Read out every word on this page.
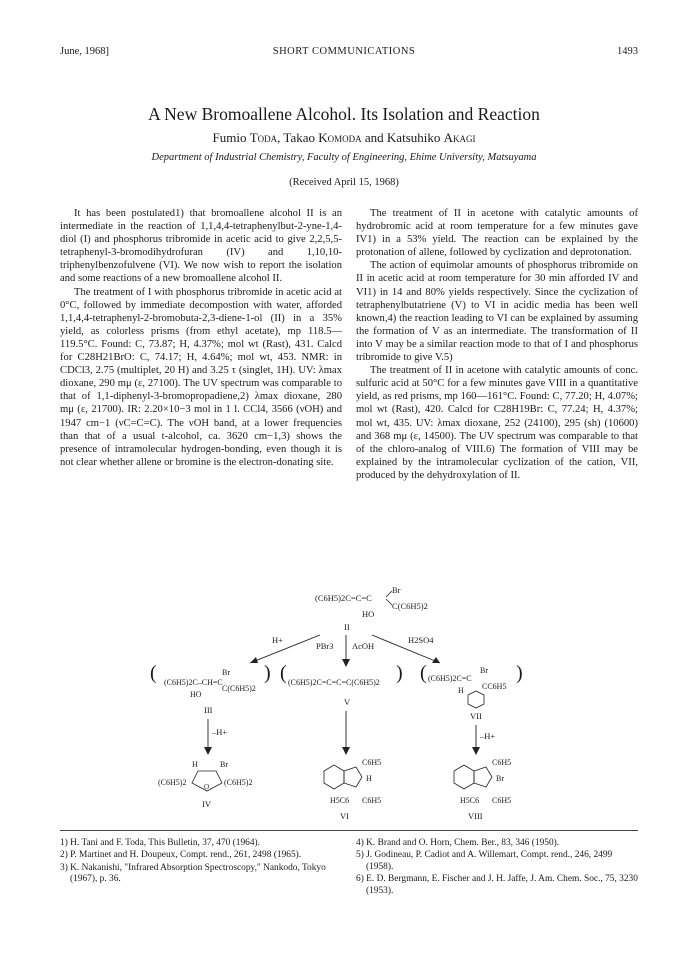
June, 1968]	SHORT COMMUNICATIONS	1493
A New Bromoallene Alcohol. Its Isolation and Reaction
Fumio Toda, Takao Komoda and Katsuhiko Akagi
Department of Industrial Chemistry, Faculty of Engineering, Ehime University, Matsuyama
(Received April 15, 1968)

It has been postulated1) that bromoallene alcohol II is an intermediate in the reaction of 1,1,4,4-tetraphenylbut-2-yne-1,4-diol (I) and phosphorus tribromide in acetic acid to give 2,2,5,5-tetraphenyl-3-bromodihydrofuran (IV) and 1,10,10-triphenylbenzofulvene (VI). We now wish to report the isolation and some reactions of a new bromoallene alcohol II.

The treatment of I with phosphorus tribromide in acetic acid at 0°C, followed by immediate decompostion with water, afforded 1,1,4,4-tetraphenyl-2-bromobuta-2,3-diene-1-ol (II) in a 35% yield, as colorless prisms (from ethyl acetate), mp 118.5—119.5°C. Found: C, 73.87; H, 4.37%; mol wt (Rast), 431. Calcd for C28H21BrO: C, 74.17; H, 4.64%; mol wt, 453. NMR: in CDCl3, 2.75 (multiplet, 20 H) and 3.25 τ (singlet, 1H). UV: λmax dioxane, 290 mμ (ε, 27100). The UV spectrum was comparable to that of 1,1-diphenyl-3-bromopropadiene,2) λmax dioxane, 280 mμ (ε, 21700). IR: 2.20×10−3 mol in 1 l. CCl4, 3566 (νOH) and 1947 cm−1 (νC=C=C). The νOH band, at a lower frequencies than that of a usual t-alcohol, ca. 3620 cm−1,3) shows the presence of intramolecular hydrogen-bonding, even though it is not clear whether allene or bromine is the electron-donating site.

The treatment of II in acetone with catalytic amounts of hydrobromic acid at room temperature for a few minutes gave IV1) in a 53% yield. The reaction can be explained by the protonation of allene, followed by cyclization and deprotonation.

The action of equimolar amounts of phosphorus tribromide on II in acetic acid at room temperature for 30 min afforded IV and VI1) in 14 and 80% yields respectively. Since the cyclization of tetraphenylbutatriene (V) to VI in acidic media has been well known,4) the reaction leading to VI can be explained by assuming the formation of V as an intermediate. The transformation of II into V may be a similar reaction mode to that of I and phosphorus tribromide to give V.5)

The treatment of II in acetone with catalytic amounts of conc. sulfuric acid at 50°C for a few minutes gave VIII in a quantitative yield, as red prisms, mp 160—161°C. Found: C, 77.20; H, 4.07%; mol wt (Rast), 420. Calcd for C28H19Br: C, 77.24; H, 4.37%; mol wt, 435. UV: λmax dioxane, 252 (24100), 295 (sh) (10600) and 368 mμ (ε, 14500). The UV spectrum was comparable to that of the chloro-analog of VIII.6) The formation of VIII may be explained by the intramolecular cyclization of the cation, VII, produced by the dehydroxylation of II.

(C6H5)2C=C=C
Br
C(C6H5)2
HO
II
H+
PBr3 AcOH
H2SO4
( (C6H5)2C–CH=C
Br
C(C6H5)2
HO
)
III
( (C6H5)2C=C=C=C(C6H5)2 )
V
( (C6H5)2C=C
Br
H CC6H5
)
VII
–H+	–H+
H	Br
(C6H5)2	(C6H5)2
O
IV
C6H5
H
H5C6 C6H5
VI
C6H5
Br
H5C6 C6H5
VIII
1) H. Tani and F. Toda, This Bulletin, 37, 470 (1964).
2) P. Martinet and H. Doupeux, Compt. rend., 261, 2498 (1965).
3) K. Nakanishi, "Infrared Absorption Spectroscopy," Nankodo, Tokyo (1967), p. 36.
4) K. Brand and O. Horn, Chem. Ber., 83, 346 (1950).
5) J. Godineau, P. Cadiot and A. Willemart, Compt. rend., 246, 2499 (1958).
6) E. D. Bergmann, E. Fischer and J. H. Jaffe, J. Am. Chem. Soc., 75, 3230 (1953).
